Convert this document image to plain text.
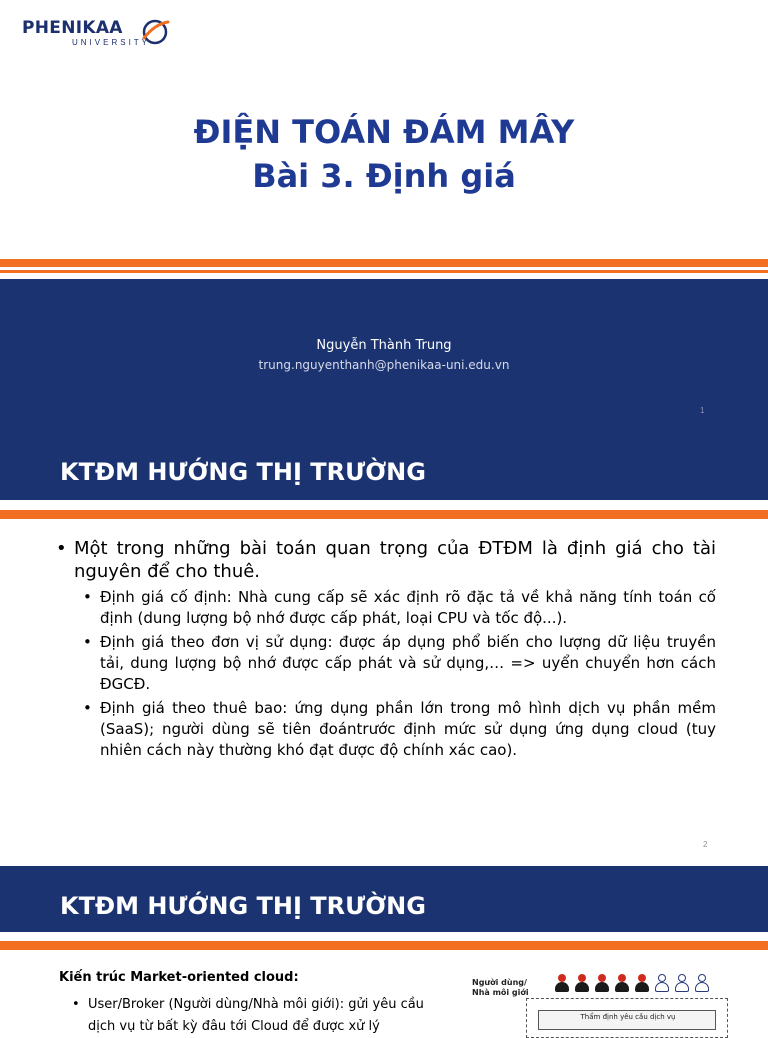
PHENIKAA
UNIVERSITY
ĐIỆN TOÁN ĐÁM MÂY
Bài 3. Định giá
Nguyễn Thành Trung
trung.nguyenthanh@phenikaa-uni.edu.vn
1
KTĐM HƯỚNG THỊ TRƯỜNG
• Một trong những bài toán quan trọng của ĐTĐM là định giá cho tài nguyên để cho thuê.
• Định giá cố định: Nhà cung cấp sẽ xác định rõ đặc tả về khả năng tính toán cố định (dung lượng bộ nhớ được cấp phát, loại CPU và tốc độ...).
• Định giá theo đơn vị sử dụng: được áp dụng phổ biến cho lượng dữ liệu truyền tải, dung lượng bộ nhớ được cấp phát và sử dụng,… => uyển chuyển hơn cách ĐGCĐ.
• Định giá theo thuê bao: ứng dụng phần lớn trong mô hình dịch vụ phần mềm (SaaS); người dùng sẽ tiên đoántrước định mức sử dụng ứng dụng cloud (tuy nhiên cách này thường khó đạt được độ chính xác cao).
2
KTĐM HƯỚNG THỊ TRƯỜNG
Kiến trúc Market-oriented cloud:
• User/Broker (Người dùng/Nhà môi giới): gửi yêu cầu dịch vụ từ bất kỳ đâu tới Cloud để được xử lý
Người dùng/
Nhà môi giới
Thẩm định yêu cầu dịch vụ
